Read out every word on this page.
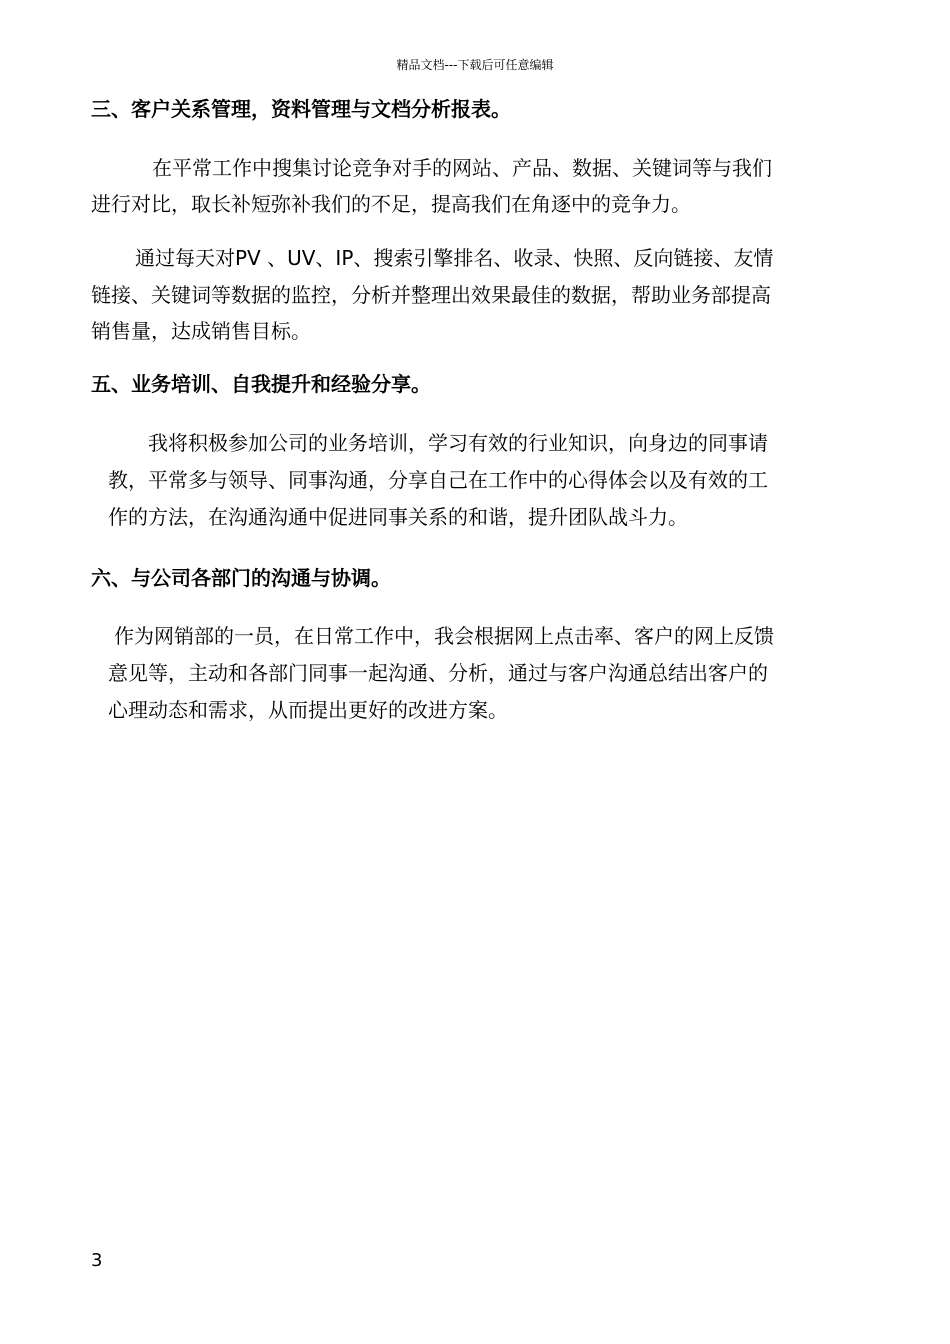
精品文档---下载后可任意编辑
三、客户关系管理，资料管理与文档分析报表。
在平常工作中搜集讨论竞争对手的网站、产品、数据、关键词等与我们
进行对比，取长补短弥补我们的不足，提高我们在角逐中的竞争力。
通过每天对PV 、UV、IP、搜索引擎排名、收录、快照、反向链接、友情
链接、关键词等数据的监控，分析并整理出效果最佳的数据，帮助业务部提高
销售量，达成销售目标。
五、业务培训、自我提升和经验分享。
我将积极参加公司的业务培训，学习有效的行业知识，向身边的同事请
教，平常多与领导、同事沟通，分享自己在工作中的心得体会以及有效的工
作的方法，在沟通沟通中促进同事关系的和谐，提升团队战斗力。
六、与公司各部门的沟通与协调。
作为网销部的一员，在日常工作中，我会根据网上点击率、客户的网上反馈
意见等，主动和各部门同事一起沟通、分析，通过与客户沟通总结出客户的
心理动态和需求，从而提出更好的改进方案。
3
